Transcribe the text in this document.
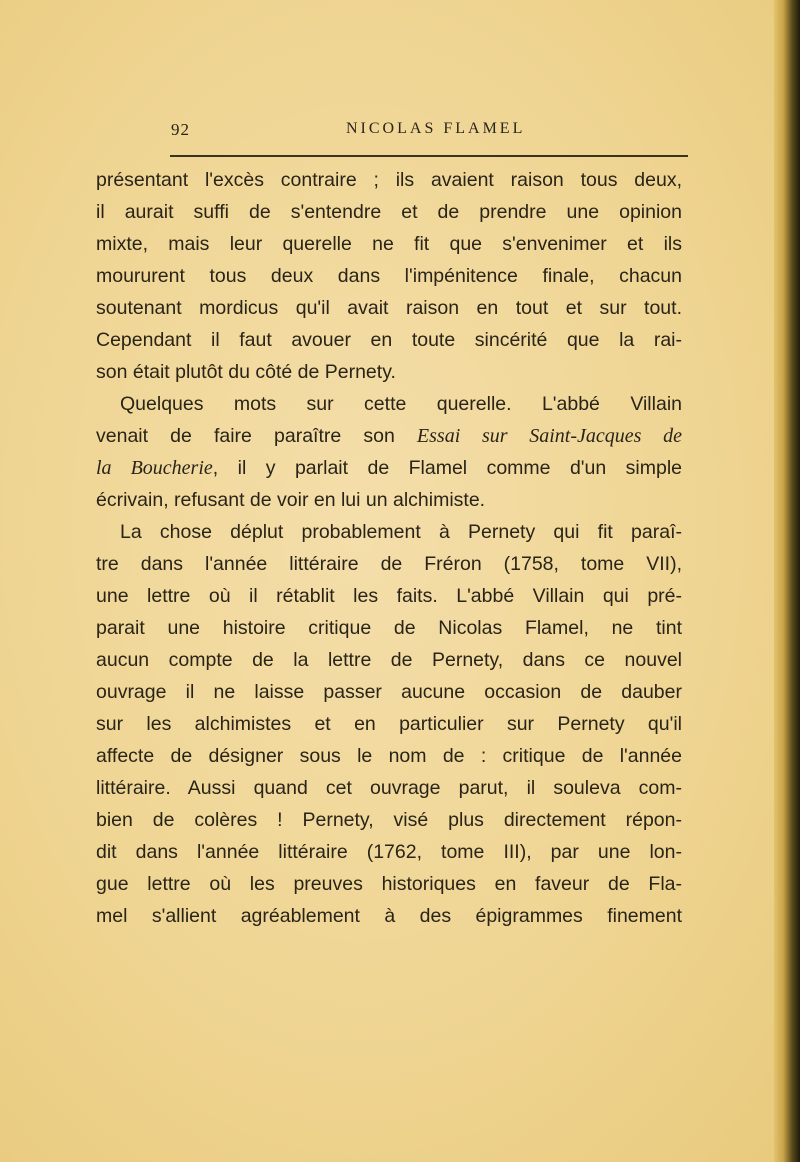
92	NICOLAS FLAMEL
présentant l'excès contraire ; ils avaient raison tous deux,
il aurait suffi de s'entendre et de prendre une opinion
mixte, mais leur querelle ne fit que s'envenimer et ils
moururent tous deux dans l'impénitence finale, chacun
soutenant mordicus qu'il avait raison en tout et sur tout.
Cependant il faut avouer en toute sincérité que la rai-
son était plutôt du côté de Pernety.
Quelques mots sur cette querelle. L'abbé Villain
venait de faire paraître son Essai sur Saint-Jacques de
la Boucherie, il y parlait de Flamel comme d'un simple
écrivain, refusant de voir en lui un alchimiste.
La chose déplut probablement à Pernety qui fit paraî-
tre dans l'année littéraire de Fréron (1758, tome VII),
une lettre où il rétablit les faits. L'abbé Villain qui pré-
parait une histoire critique de Nicolas Flamel, ne tint
aucun compte de la lettre de Pernety, dans ce nouvel
ouvrage il ne laisse passer aucune occasion de dauber
sur les alchimistes et en particulier sur Pernety qu'il
affecte de désigner sous le nom de : critique de l'année
littéraire. Aussi quand cet ouvrage parut, il souleva com-
bien de colères ! Pernety, visé plus directement répon-
dit dans l'année littéraire (1762, tome III), par une lon-
gue lettre où les preuves historiques en faveur de Fla-
mel s'allient agréablement à des épigrammes finement
